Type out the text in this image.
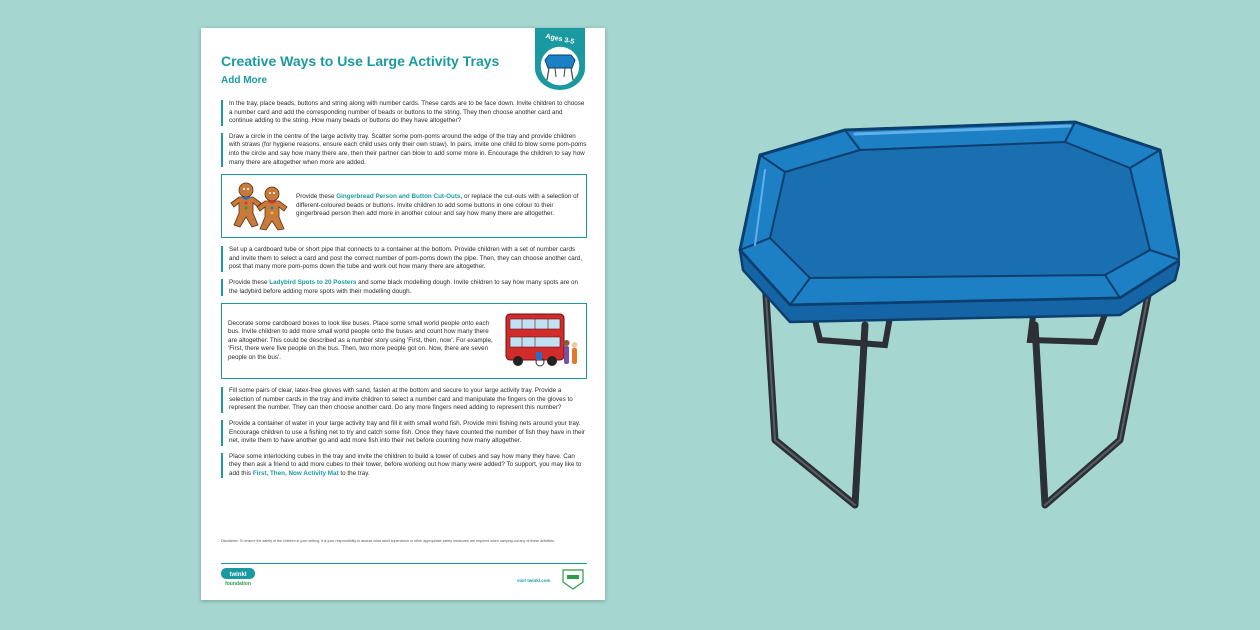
Creative Ways to Use Large Activity Trays
Add More
Ages 3-5
In the tray, place beads, buttons and string along with number cards. These cards are to be face down. Invite children to choose a number card and add the corresponding number of beads or buttons to the string. They then choose another card and continue adding to the string. How many beads or buttons do they have altogether?
Draw a circle in the centre of the large activity tray. Scatter some pom-poms around the edge of the tray and provide children with straws (for hygiene reasons, ensure each child uses only their own straw). In pairs, invite one child to blow some pom-poms into the circle and say how many there are, then their partner can blow to add some more in. Encourage the children to say how many there are altogether when more are added.
Provide these Gingerbread Person and Button Cut-Outs, or replace the cut-outs with a selection of different-coloured beads or buttons. Invite children to add some buttons in one colour to their gingerbread person then add more in another colour and say how many there are altogether.
Set up a cardboard tube or short pipe that connects to a container at the bottom. Provide children with a set of number cards and invite them to select a card and post the correct number of pom-poms down the pipe. Then, they can choose another card, post that many more pom-poms down the tube and work out how many there are altogether.
Provide these Ladybird Spots to 20 Posters and some black modelling dough. Invite children to say how many spots are on the ladybird before adding more spots with their modelling dough.
Decorate some cardboard boxes to look like buses. Place some small world people onto each bus. Invite children to add more small world people onto the buses and count how many there are altogether. This could be described as a number story using 'First, then, now'. For example, 'First, there were five people on the bus. Then, two more people got on. Now, there are seven people on the bus'.
Fill some pairs of clear, latex-free gloves with sand, fasten at the bottom and secure to your large activity tray. Provide a selection of number cards in the tray and invite children to select a number card and manipulate the fingers on the gloves to represent the number. They can then choose another card. Do any more fingers need adding to represent this number?
Provide a container of water in your large activity tray and fill it with small world fish. Provide mini fishing nets around your tray. Encourage children to use a fishing net to try and catch some fish. Once they have counted the number of fish they have in their net, invite them to have another go and add more fish into their net before counting how many altogether.
Place some interlocking cubes in the tray and invite the children to build a tower of cubes and say how many they have. Can they then ask a friend to add more cubes to their tower, before working out how many were added? To support, you may like to add this First, Then, Now Activity Mat to the tray.
Disclaimer: To ensure the safety of the children in your setting, it is your responsibility to assess what adult supervision or other appropriate safety measures are required when carrying out any of these activities.
twinkl
foundation
visit twinkl.com
